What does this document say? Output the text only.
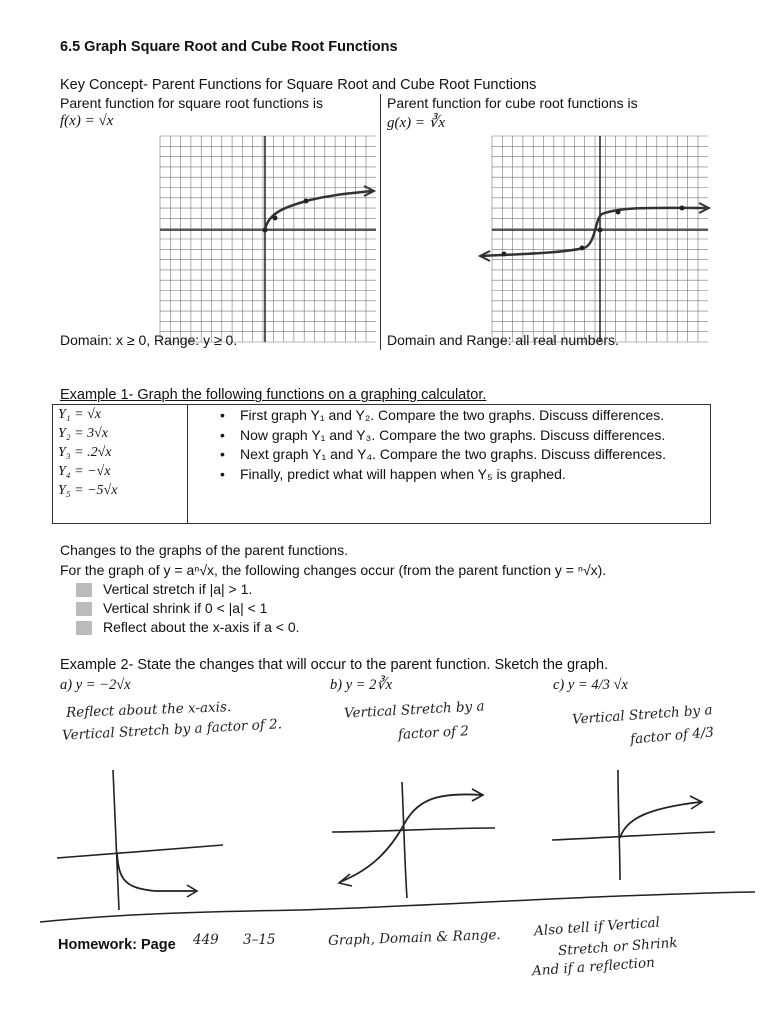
6.5 Graph Square Root and Cube Root Functions
Key Concept- Parent Functions for Square Root and Cube Root Functions
Parent function for square root functions is
f(x) = √x
Parent function for cube root functions is
g(x) = ∛x
Domain: x ≥ 0, Range: y ≥ 0.	Domain and Range: all real numbers.
Example 1- Graph the following functions on a graphing calculator.
Y₁ = √x
Y₂ = 3√x
Y₃ = .2√x
Y₄ = −√x
Y₅ = −5√x
• First graph Y₁ and Y₂. Compare the two graphs. Discuss differences.
• Now graph Y₁ and Y₃. Compare the two graphs. Discuss differences.
• Next graph Y₁ and Y₄. Compare the two graphs. Discuss differences.
• Finally, predict what will happen when Y₅ is graphed.
Changes to the graphs of the parent functions.
For the graph of y = aⁿ√x, the following changes occur (from the parent function y = ⁿ√x).
Vertical stretch if |a| > 1.
Vertical shrink if 0 < |a| < 1
Reflect about the x-axis if a < 0.
Example 2- State the changes that will occur to the parent function. Sketch the graph.
a) y = −2√x	b) y = 2∛x	c) y = 4/3 √x
Reflect about the x-axis.
Vertical Stretch by a factor of 2.
Vertical Stretch by a
factor of 2
Vertical Stretch by a
factor of 4/3
Homework: Page 449 3–15	Graph, Domain & Range. Also tell if Vertical
Stretch or Shrink
And if a reflection
